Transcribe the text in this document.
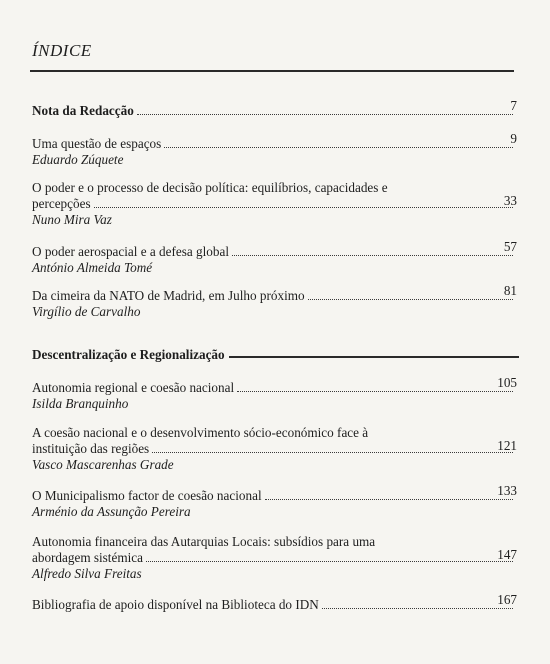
ÍNDICE
Nota da Redacção	7
Uma questão de espaços
Eduardo Zúquete
9
O poder e o processo de decisão política: equilíbrios, capacidades e
percepções
Nuno Mira Vaz
33
O poder aerospacial e a defesa global
António Almeida Tomé
57
Da cimeira da NATO de Madrid, em Julho próximo
Virgílio de Carvalho
81
Descentralização e Regionalização
Autonomia regional e coesão nacional
Isilda Branquinho
105
A coesão nacional e o desenvolvimento sócio-económico face à
instituição das regiões
Vasco Mascarenhas Grade
121
O Municipalismo factor de coesão nacional
Arménio da Assunção Pereira
133
Autonomia financeira das Autarquias Locais: subsídios para uma
abordagem sistémica
Alfredo Silva Freitas
147
Bibliografia de apoio disponível na Biblioteca do IDN	167
